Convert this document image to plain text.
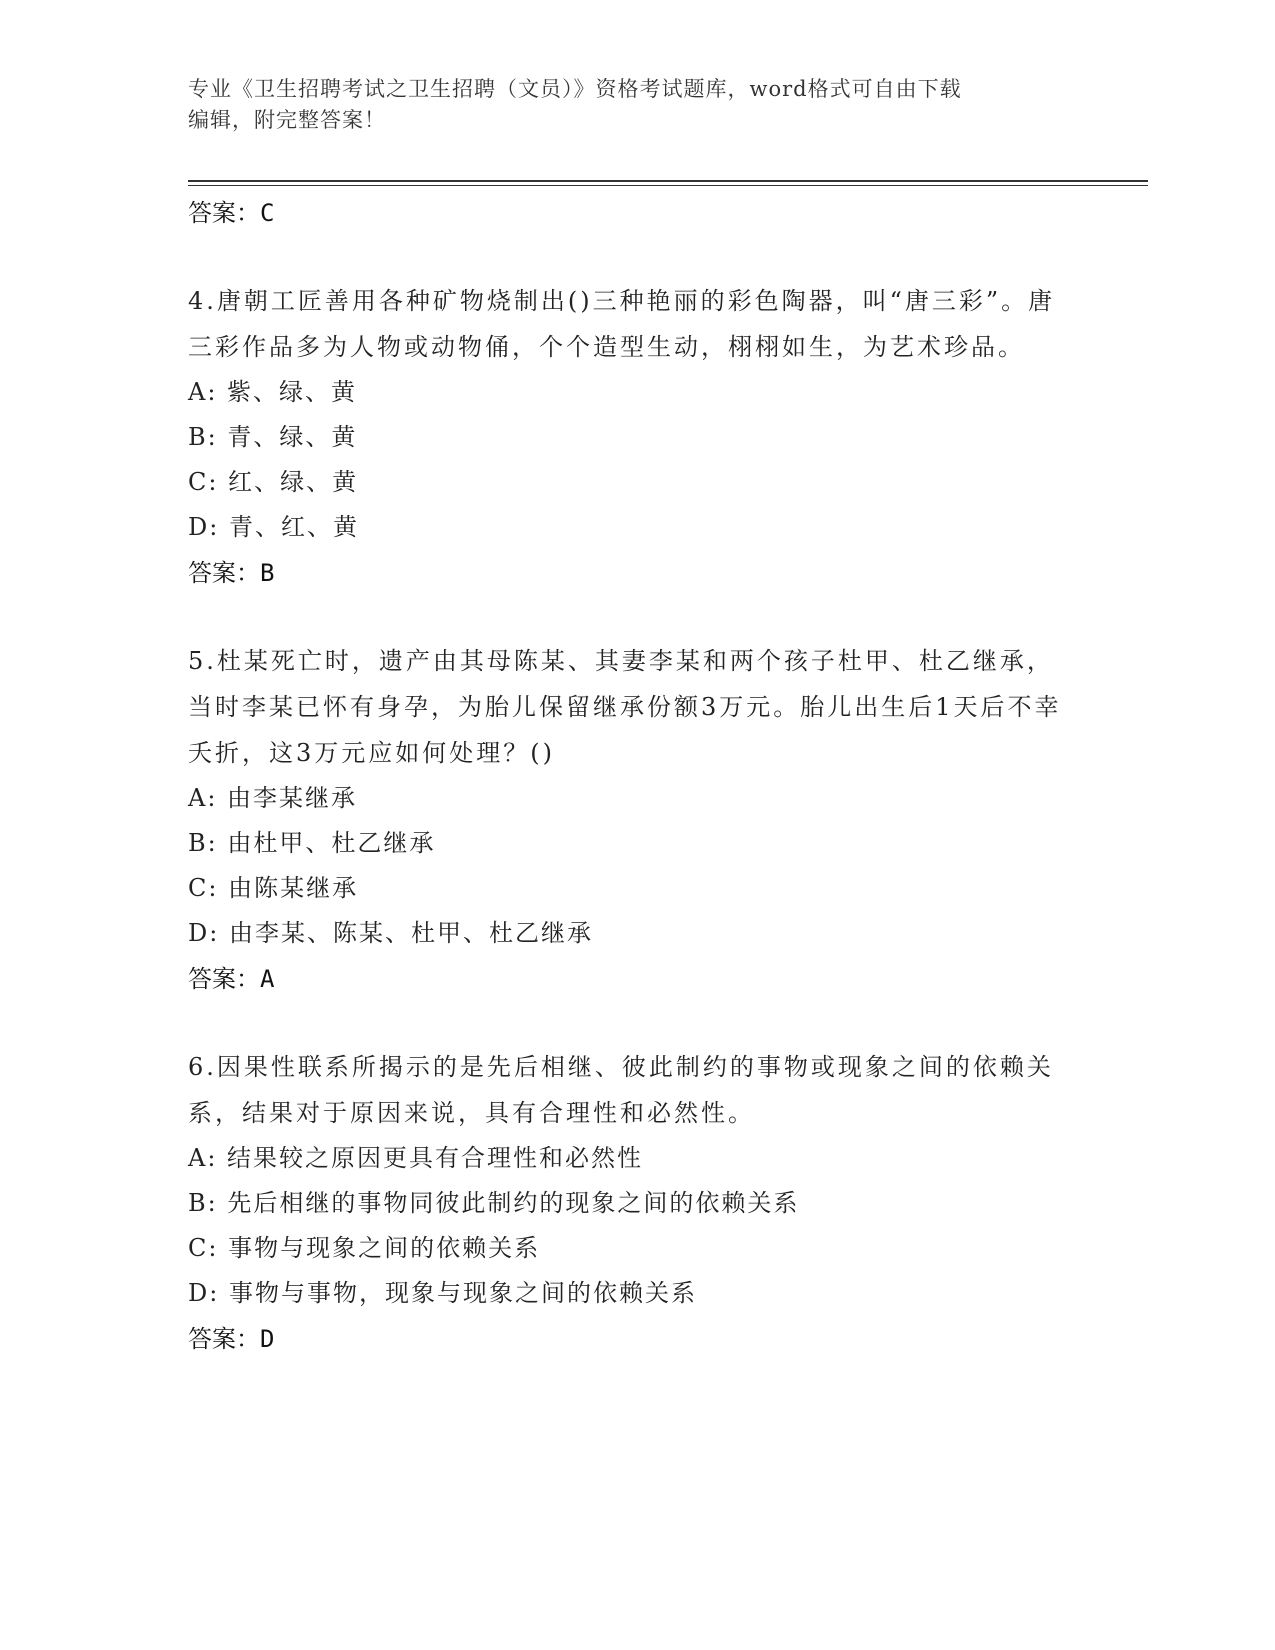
专业《卫生招聘考试之卫生招聘（文员）》资格考试题库，word格式可自由下载
编辑，附完整答案！

答案：C

4.唐朝工匠善用各种矿物烧制出()三种艳丽的彩色陶器，叫“唐三彩”。唐三彩作品多为人物或动物俑，个个造型生动，栩栩如生，为艺术珍品。

A: 紫、绿、黄

B: 青、绿、黄

C: 红、绿、黄

D: 青、红、黄

答案：B

5.杜某死亡时，遗产由其母陈某、其妻李某和两个孩子杜甲、杜乙继承，当时李某已怀有身孕，为胎儿保留继承份额3万元。胎儿出生后1天后不幸夭折，这3万元应如何处理？()

A: 由李某继承

B: 由杜甲、杜乙继承

C: 由陈某继承

D: 由李某、陈某、杜甲、杜乙继承

答案：A

6.因果性联系所揭示的是先后相继、彼此制约的事物或现象之间的依赖关系，结果对于原因来说，具有合理性和必然性。

A: 结果较之原因更具有合理性和必然性

B: 先后相继的事物同彼此制约的现象之间的依赖关系

C: 事物与现象之间的依赖关系

D: 事物与事物，现象与现象之间的依赖关系

答案：D
